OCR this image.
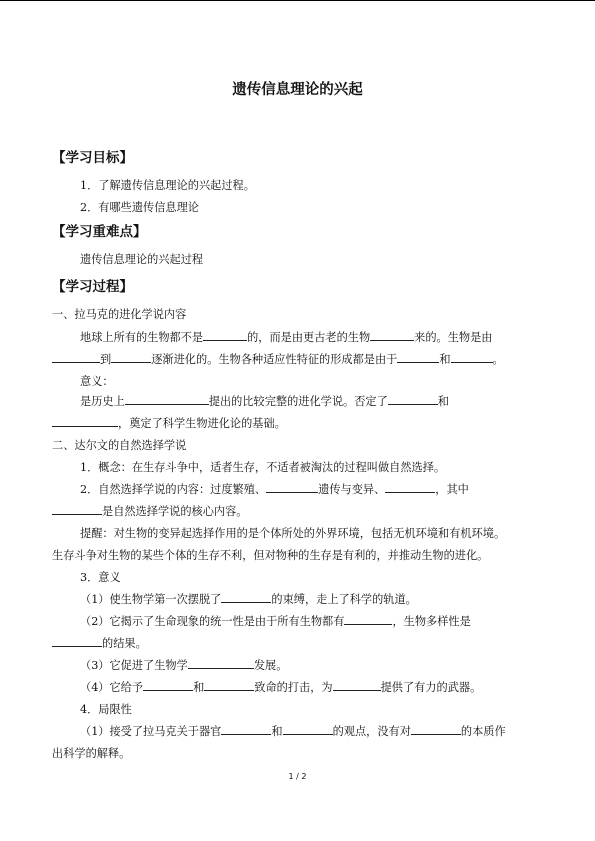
遗传信息理论的兴起
【学习目标】
1．了解遗传信息理论的兴起过程。
2．有哪些遗传信息理论
【学习重难点】
遗传信息理论的兴起过程
【学习过程】
一、拉马克的进化学说内容
地球上所有的生物都不是	的，而是由更古老的生物	来的。生物是由
到	逐渐进化的。生物各种适应性特征的形成都是由于	和	。
意义：
是历史上	提出的比较完整的进化学说。否定了	和
，奠定了科学生物进化论的基础。
二、达尔文的自然选择学说
1．概念：在生存斗争中，适者生存，不适者被淘汰的过程叫做自然选择。
2．自然选择学说的内容：过度繁殖、	遗传与变异、	，其中
是自然选择学说的核心内容。
提醒：对生物的变异起选择作用的是个体所处的外界环境，包括无机环境和有机环境。
生存斗争对生物的某些个体的生存不利，但对物种的生存是有利的，并推动生物的进化。
3．意义
（1）使生物学第一次摆脱了	的束缚，走上了科学的轨道。
（2）它揭示了生命现象的统一性是由于所有生物都有	，生物多样性是
的结果。
（3）它促进了生物学	发展。
（4）它给予	和	致命的打击，为	提供了有力的武器。
4．局限性
（1）接受了拉马克关于器官	和	的观点，没有对	的本质作
出科学的解释。
1 / 2
